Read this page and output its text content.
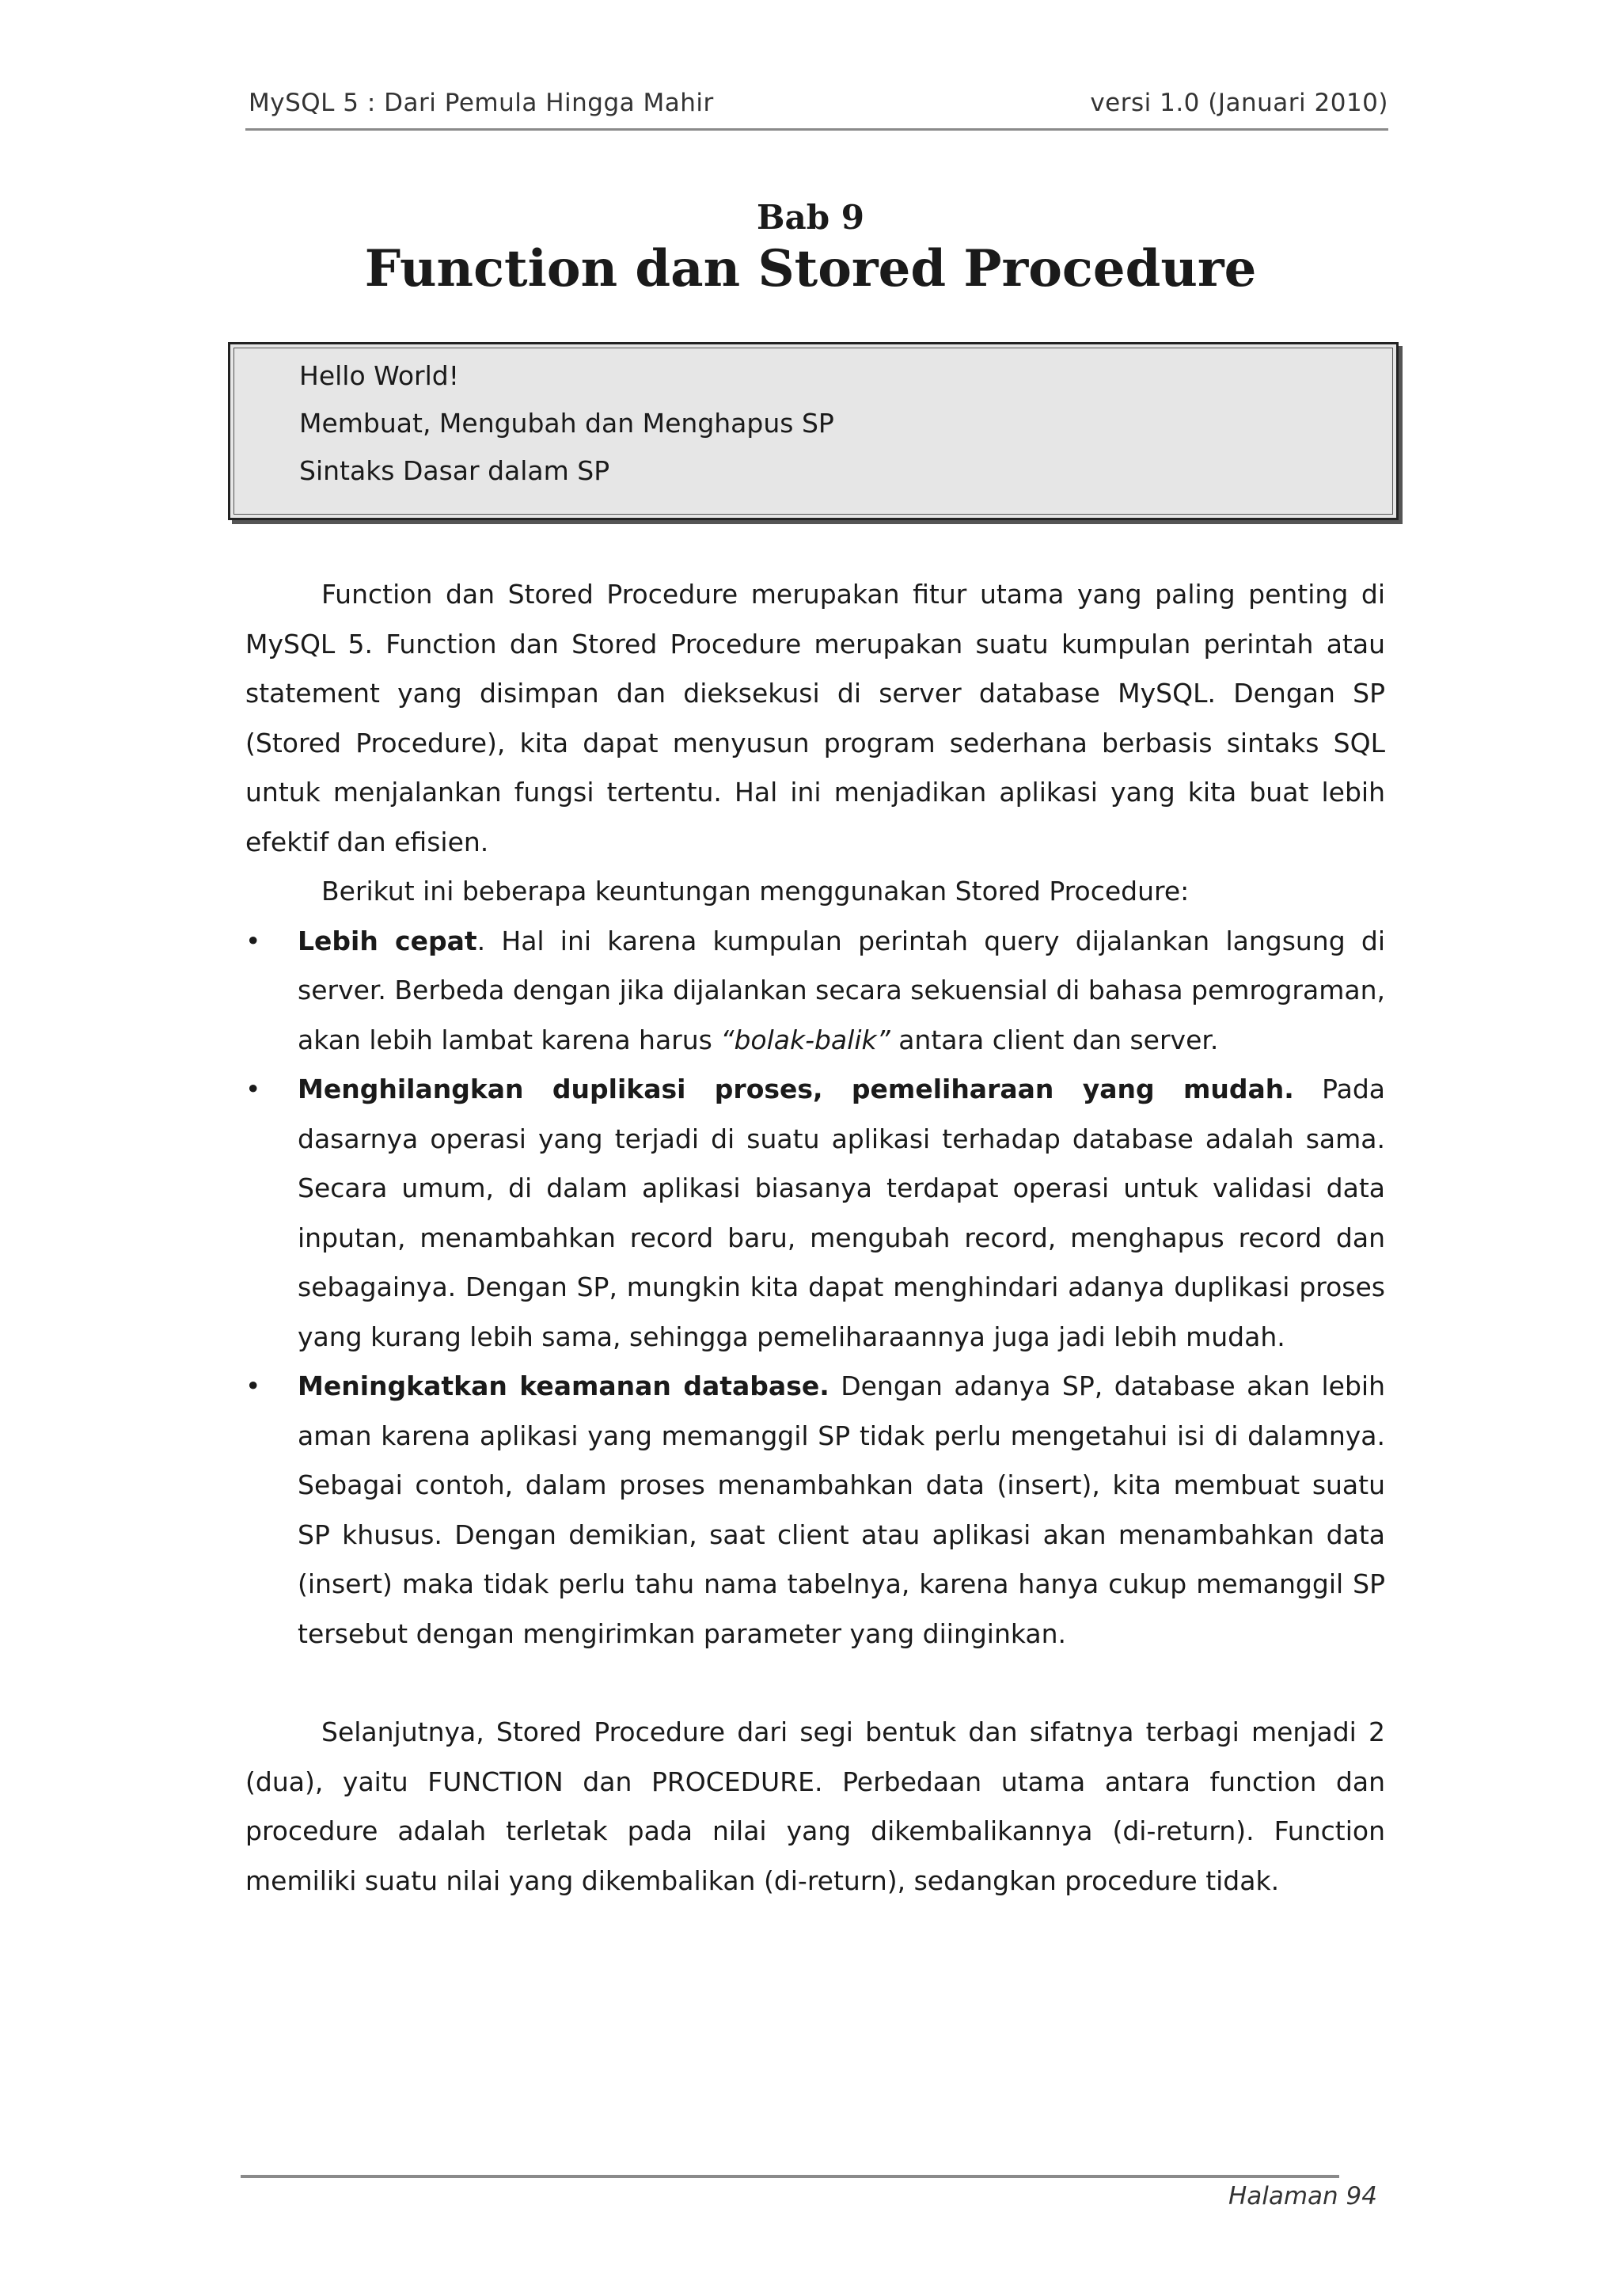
MySQL 5 : Dari Pemula Hingga Mahir	versi 1.0 (Januari 2010)
Bab 9
Function dan Stored Procedure
Hello World!
Membuat, Mengubah dan Menghapus SP
Sintaks Dasar dalam SP

Function dan Stored Procedure merupakan fitur utama yang paling penting di MySQL 5. Function dan Stored Procedure merupakan suatu kumpulan perintah atau statement yang disimpan dan dieksekusi di server database MySQL. Dengan SP (Stored Procedure), kita dapat menyusun program sederhana berbasis sintaks SQL untuk menjalankan fungsi tertentu. Hal ini menjadikan aplikasi yang kita buat lebih efektif dan efisien.

Berikut ini beberapa keuntungan menggunakan Stored Procedure:

• Lebih cepat. Hal ini karena kumpulan perintah query dijalankan langsung di server. Berbeda dengan jika dijalankan secara sekuensial di bahasa pemrograman, akan lebih lambat karena harus “bolak-balik” antara client dan server.
• Menghilangkan duplikasi proses, pemeliharaan yang mudah. Pada dasarnya operasi yang terjadi di suatu aplikasi terhadap database adalah sama. Secara umum, di dalam aplikasi biasanya terdapat operasi untuk validasi data inputan, menambahkan record baru, mengubah record, menghapus record dan sebagainya. Dengan SP, mungkin kita dapat menghindari adanya duplikasi proses yang kurang lebih sama, sehingga pemeliharaannya juga jadi lebih mudah.
• Meningkatkan keamanan database. Dengan adanya SP, database akan lebih aman karena aplikasi yang memanggil SP tidak perlu mengetahui isi di dalamnya. Sebagai contoh, dalam proses menambahkan data (insert), kita membuat suatu SP khusus. Dengan demikian, saat client atau aplikasi akan menambahkan data (insert) maka tidak perlu tahu nama tabelnya, karena hanya cukup memanggil SP tersebut dengan mengirimkan parameter yang diinginkan.

Selanjutnya, Stored Procedure dari segi bentuk dan sifatnya terbagi menjadi 2 (dua), yaitu FUNCTION dan PROCEDURE. Perbedaan utama antara function dan procedure adalah terletak pada nilai yang dikembalikannya (di-return). Function memiliki suatu nilai yang dikembalikan (di-return), sedangkan procedure tidak.

Halaman 94
